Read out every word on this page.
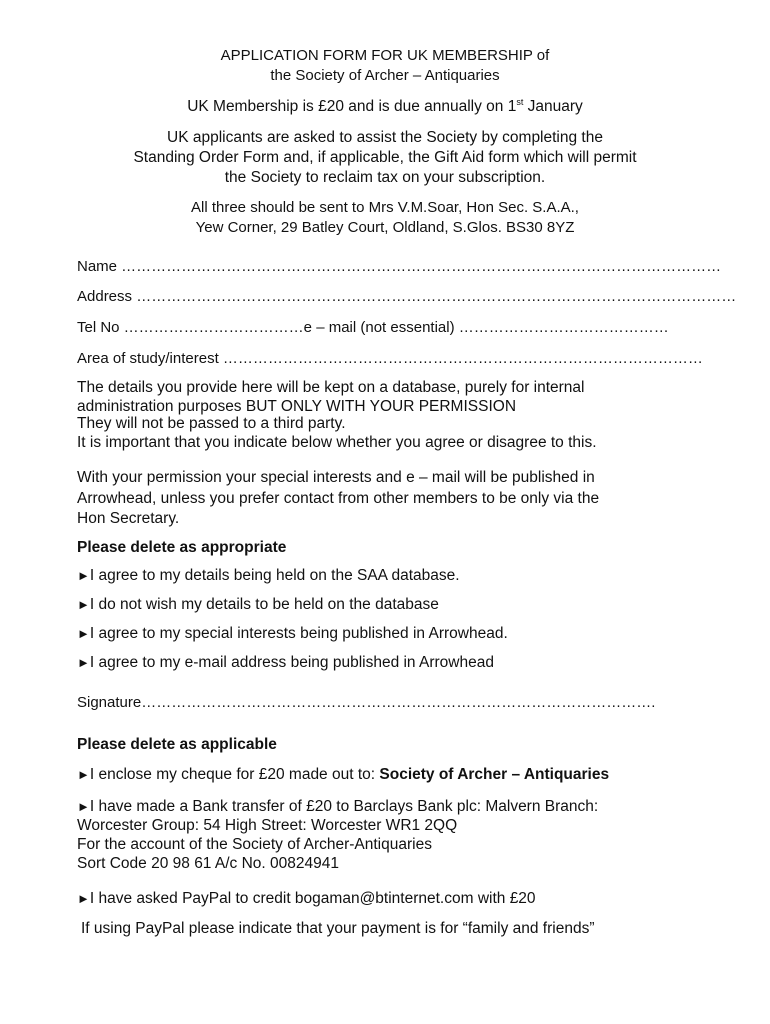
APPLICATION FORM FOR UK MEMBERSHIP of

the Society of Archer – Antiquaries

UK Membership is £20 and is due annually on 1st January

UK applicants are asked to assist the Society by completing the

Standing Order Form and, if applicable, the Gift Aid form which will permit

the Society to reclaim tax on your subscription.

All three should be sent to Mrs V.M.Soar, Hon Sec. S.A.A.,

Yew Corner, 29 Batley Court, Oldland, S.Glos. BS30 8YZ

Name …………………………………………………………………………………………………………
Address …………………………………………………………………………………………………………
Tel No ………………………………e – mail (not essential) ……………………………………
Area of study/interest ……………………………………………………………………………………

The details you provide here will be kept on a database, purely for internal

administration purposes BUT ONLY WITH YOUR PERMISSION

They will not be passed to a third party.

It is important that you indicate below whether you agree or disagree to this.

With your permission your special interests and e – mail will be published in

Arrowhead, unless you prefer contact from other members to be only via the

Hon Secretary.

Please delete as appropriate

►I agree to my details being held on the SAA database.

►I do not wish my details to be held on the database

►I agree to my special interests being published in Arrowhead.

►I agree to my e-mail address being published in Arrowhead

Signature………………………………………………………………………………………….

Please delete as applicable

►I enclose my cheque for £20 made out to: Society of Archer – Antiquaries

►I have made a Bank transfer of £20 to Barclays Bank plc: Malvern Branch:

Worcester Group: 54 High Street: Worcester WR1 2QQ

For the account of the Society of Archer-Antiquaries

Sort Code 20 98 61 A/c No. 00824941

►I have asked PayPal to credit bogaman@btinternet.com with £20

If using PayPal please indicate that your payment is for “family and friends”
